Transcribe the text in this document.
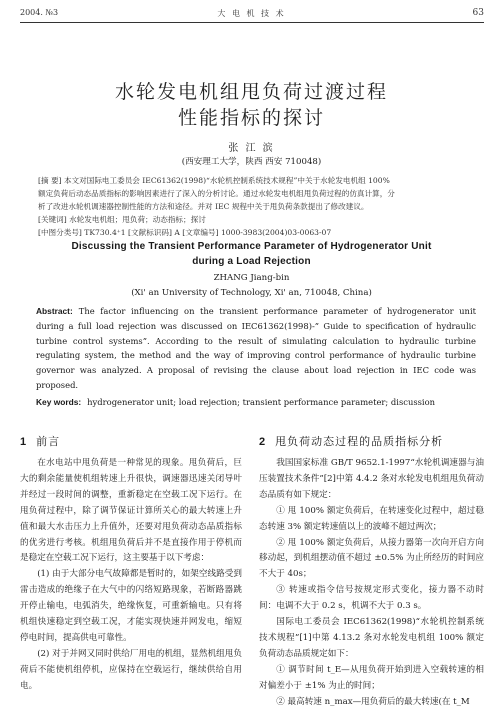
2004. №3	大 电 机 技 术	63
水轮发电机组甩负荷过渡过程
性能指标的探讨
张 江 滨
(西安理工大学，陕西 西安 710048)
[摘 要] 本文对国际电工委员会 IEC61362(1998)“水轮机控制系统技术规程”中关于水轮发电机组 100%
额定负荷后动态品质指标的影响因素进行了深入的分析讨论。通过水轮发电机组甩负荷过程的仿真计算，分
析了改进水轮机调速器控制性能的方法和途径。并对 IEC 规程中关于甩负荷条款提出了修改建议。
[关键词] 水轮发电机组；甩负荷；动态指标；探讨
[中图分类号] TK730.4⁺1 [文献标识码] A [文章编号] 1000-3983(2004)03-0063-07
Discussing the Transient Performance Parameter of Hydrogenerator Unit
during a Load Rejection
ZHANG Jiang-bin
(Xi' an University of Technology, Xi' an, 710048, China)
Abstract: The factor influencing on the transient performance parameter of hydrogenerator unit during a full load rejection was discussed on IEC61362(1998)-” Guide to specification of hydraulic turbine control systems”. According to the result of simulating calculation to hydraulic turbine regulating system, the method and the way of improving control performance of hydraulic turbine governor was analyzed. A proposal of revising the clause about load rejection in IEC code was proposed.
Key words: hydrogenerator unit; load rejection; transient performance parameter; discussion
1 前言

在水电站中甩负荷是一种常见的现象。甩负荷后，巨大的剩余能量使机组转速上升很快，调速器迅速关闭导叶并经过一段时间的调整，重新稳定在空载工况下运行。在甩负荷过程中，除了调节保证计算所关心的最大转速上升值和最大水击压力上升值外，还要对甩负荷动态品质指标的优劣进行考核。机组甩负荷后并不是直接作用于停机而是稳定在空载工况下运行，这主要基于以下考虑：

(1) 由于大部分电气故障都是暂时的，如架空线路受到雷击造成的绝缘子在大气中的闪络短路现象，若断路器跳开停止输电，电弧消失，绝缘恢复，可重新输电。只有将机组快速稳定到空载工况，才能实现快速并网发电，缩短停电时间，提高供电可靠性。

(2) 对于并网又同时供给厂用电的机组，显然机组甩负荷后不能使机组停机，应保持在空载运行，继续供给自用电。

2 甩负荷动态过程的品质指标分析

我国国家标准 GB/T 9652.1-1997“水轮机调速器与油压装置技术条件”[2]中第 4.4.2 条对水轮发电机组甩负荷动态品质有如下规定：

① 甩 100% 额定负荷后，在转速变化过程中，超过稳态转速 3% 额定转速值以上的波峰不超过两次；

② 甩 100% 额定负荷后，从接力器第一次向开启方向移动起，到机组摆动值不超过 ±0.5% 为止所经历的时间应不大于 40s；

③ 转速或指令信号按规定形式变化，接力器不动时间：电调不大于 0.2 s，机调不大于 0.3 s。

国际电工委员会 IEC61362(1998)“水轮机控制系统技术规程”[1]中第 4.13.2 条对水轮发电机组 100% 额定负荷动态品质规定如下：

① 调节时间 t_E—从甩负荷开始到进入空载转速的相对偏差小于 ±1% 为止的时间；

② 最高转速 n_max—甩负荷后的最大转速(在 t_M
